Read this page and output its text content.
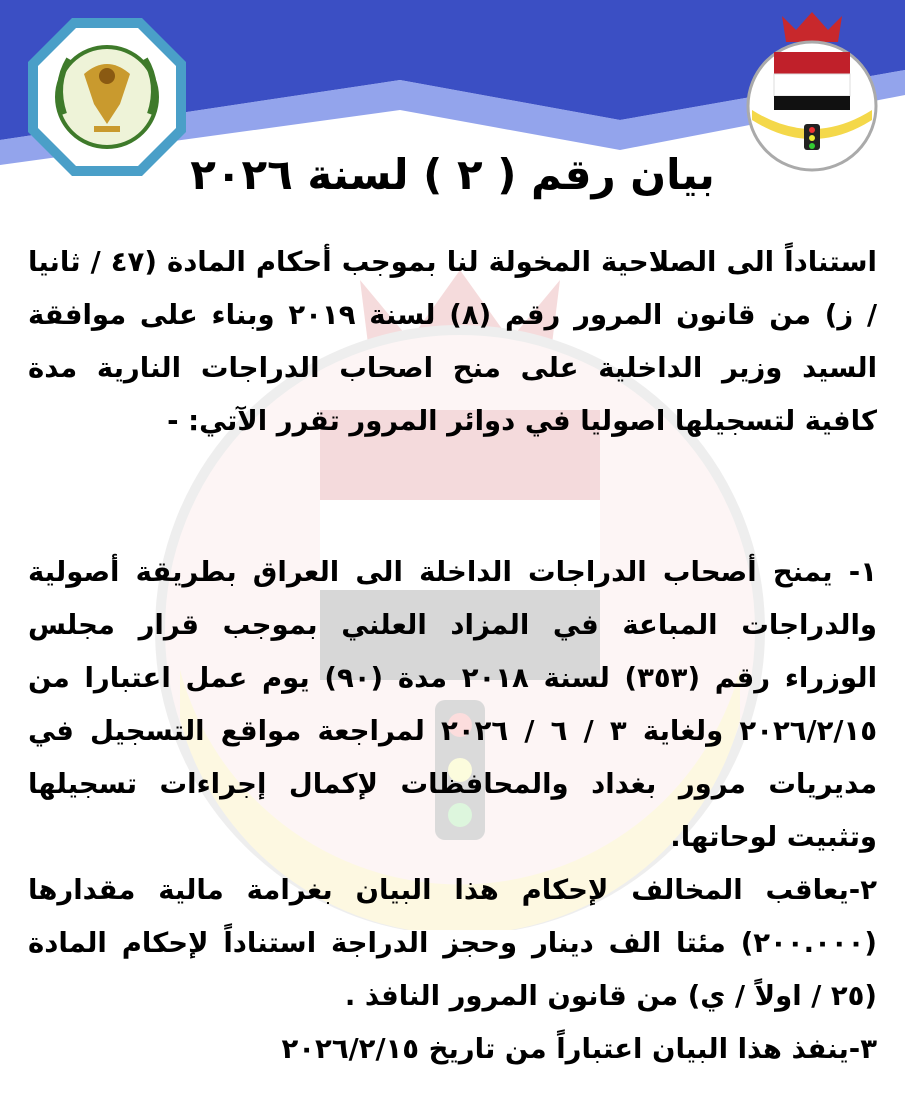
بيان رقم ( ٢ ) لسنة ٢٠٢٦
استناداً الى الصلاحية المخولة لنا بموجب أحكام المادة (٤٧ / ثانيا / ز) من قانون المرور رقم (٨) لسنة ٢٠١٩ وبناء على موافقة السيد وزير الداخلية على منح اصحاب الدراجات النارية مدة كافية لتسجيلها اصوليا في دوائر المرور تقرر الآتي: -

١- يمنح أصحاب الدراجات الداخلة الى العراق بطريقة أصولية والدراجات المباعة في المزاد العلني بموجب قرار مجلس الوزراء رقم (٣٥٣) لسنة ٢٠١٨ مدة (٩٠) يوم عمل اعتبارا من ٢٠٢٦/٢/١٥ ولغاية ٣ / ٦ / ٢٠٢٦ لمراجعة مواقع التسجيل في مديريات مرور بغداد والمحافظات لإكمال إجراءات تسجيلها وتثبيت لوحاتها.

٢-يعاقب المخالف لإحكام هذا البيان بغرامة مالية مقدارها (٢٠٠.٠٠٠) مئتا الف دينار وحجز الدراجة استناداً لإحكام المادة (٢٥ / اولاً / ي) من قانون المرور النافذ .

٣-ينفذ هذا البيان اعتباراً من تاريخ ٢٠٢٦/٢/١٥
